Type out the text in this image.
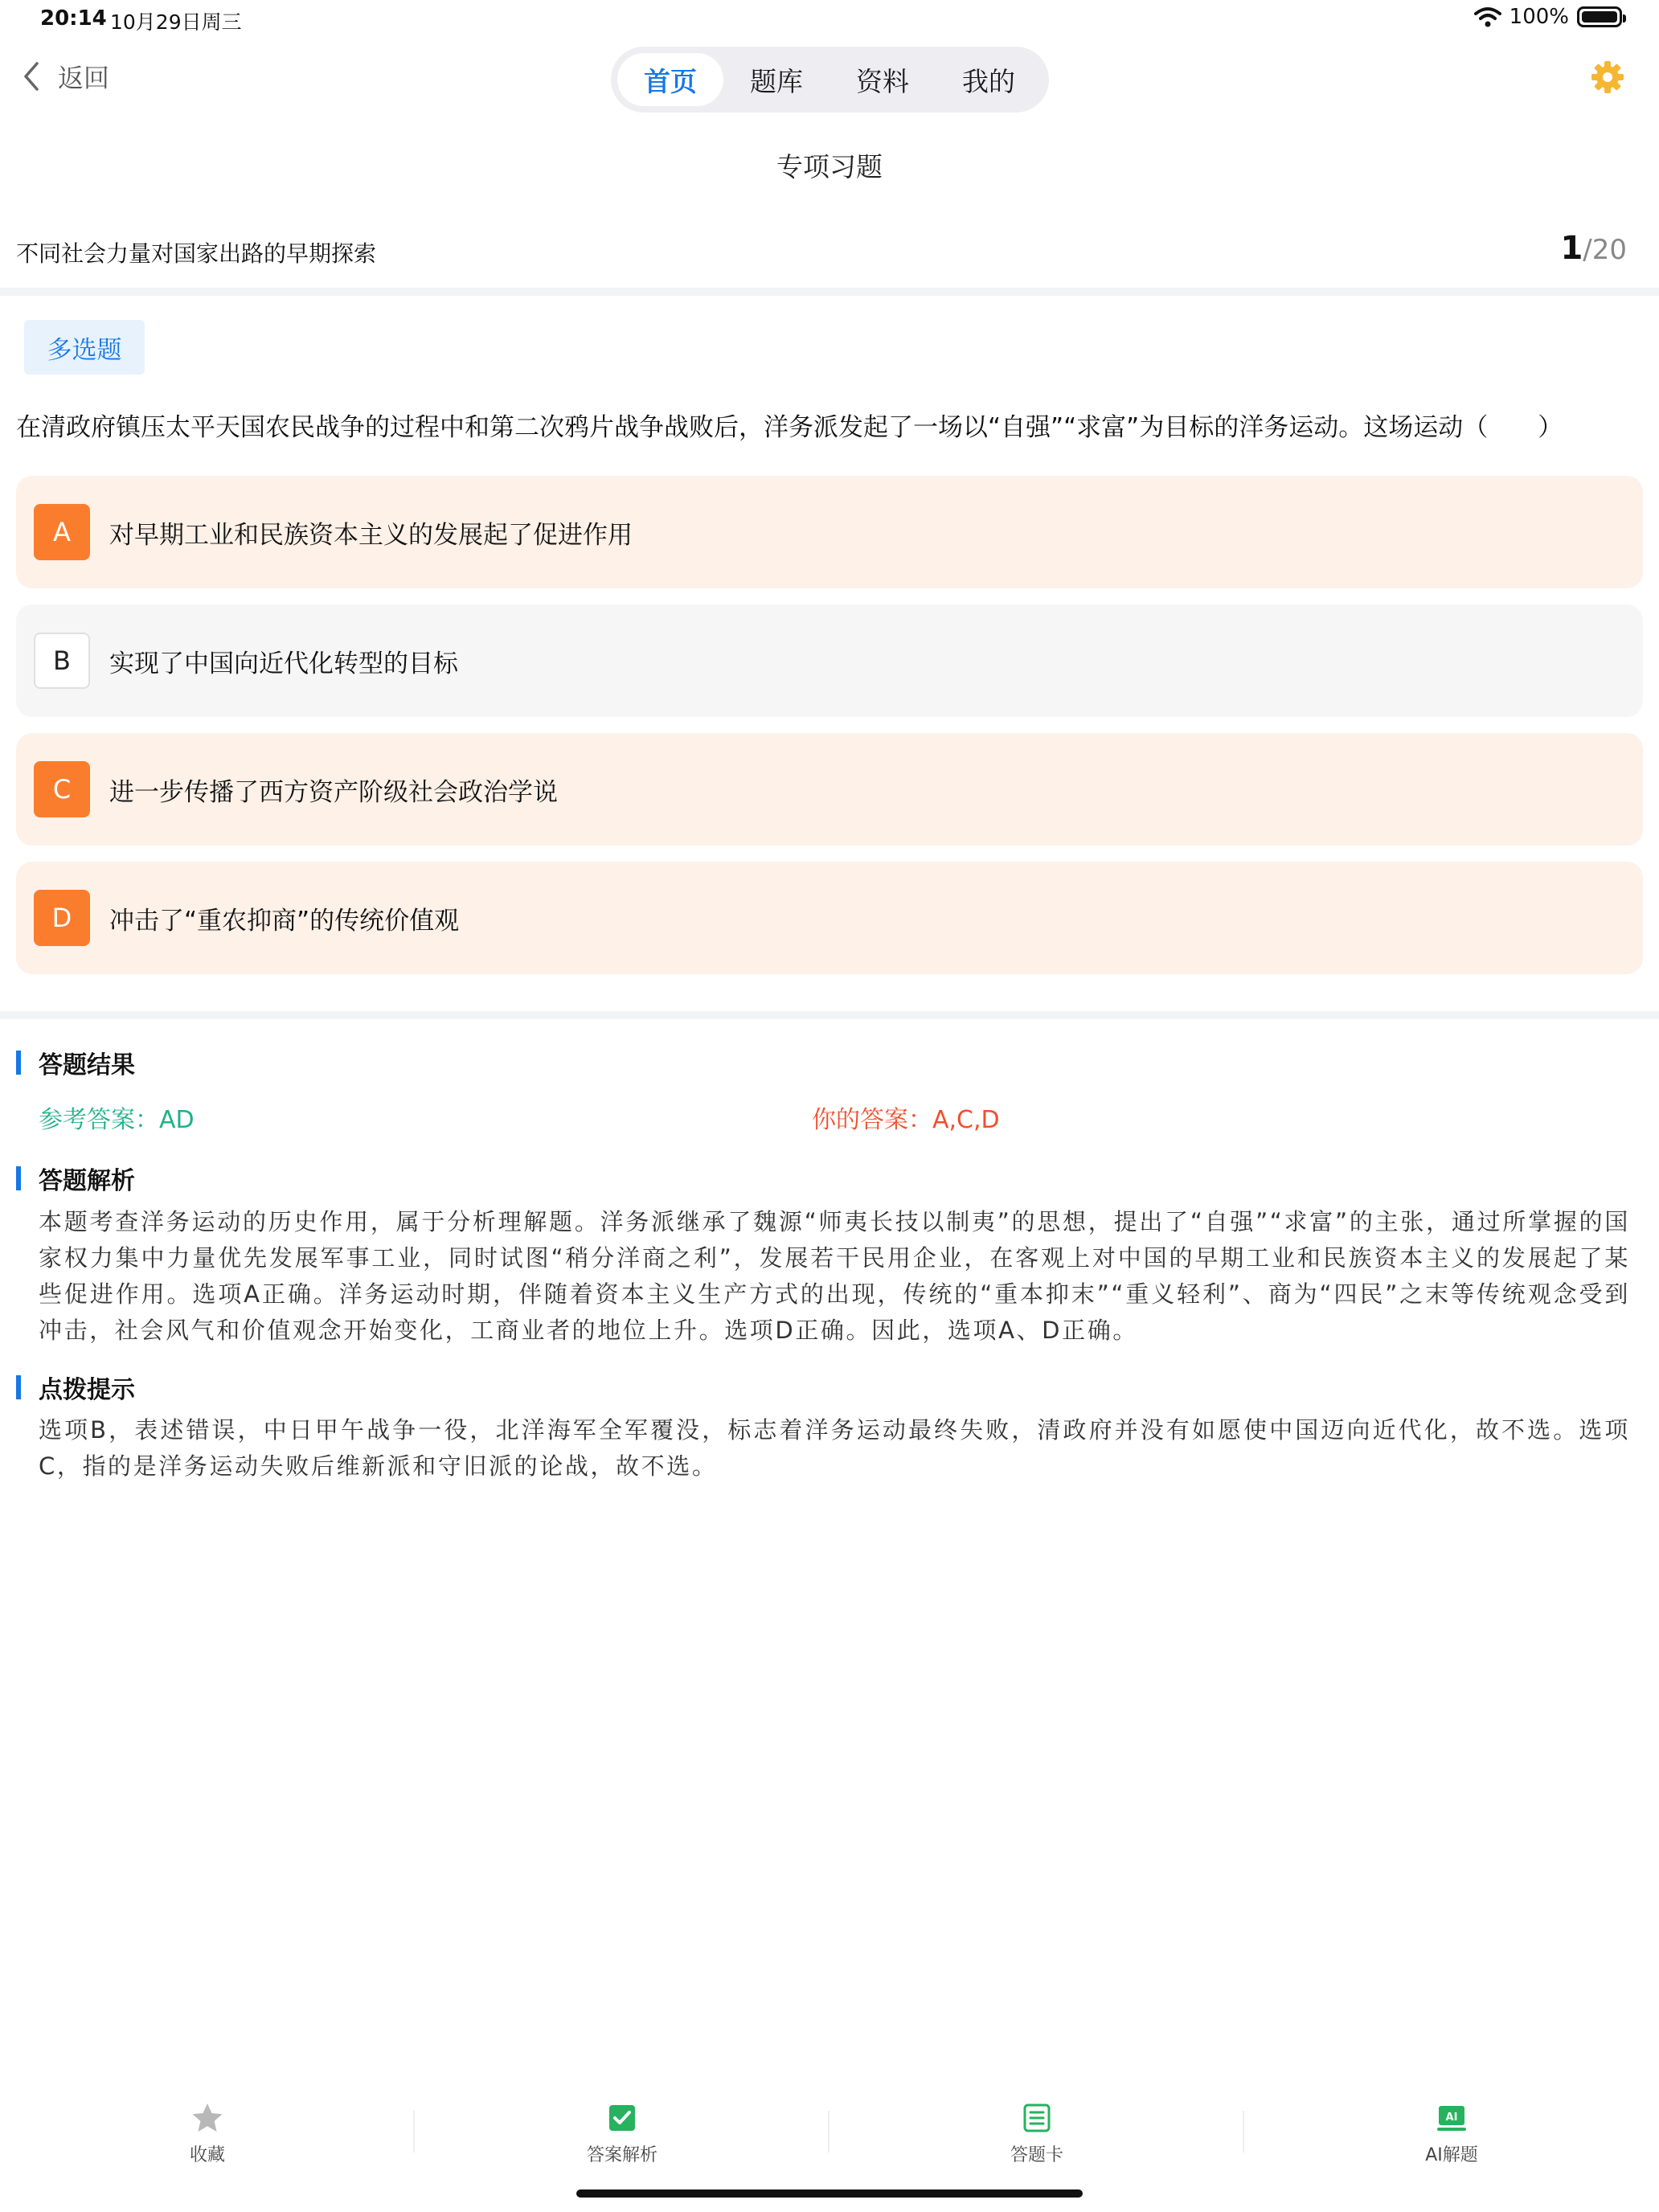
20:14 10月29日周三	100%
返回	首页	题库	资料	我的
专项习题
不同社会力量对国家出路的早期探索	1/20
多选题
在清政府镇压太平天国农民战争的过程中和第二次鸦片战争战败后，洋务派发起了一场以“自强”“求富”为目标的洋务运动。这场运动（　　）
A	对早期工业和民族资本主义的发展起了促进作用
B	实现了中国向近代化转型的目标
C	进一步传播了西方资产阶级社会政治学说
D	冲击了“重农抑商”的传统价值观
答题结果
参考答案：AD	你的答案：A,C,D
答题解析
本题考查洋务运动的历史作用，属于分析理解题。洋务派继承了魏源“师夷长技以制夷”的思想，提出了“自强”“求富”的主张，通过所掌握的国家权力集中力量优先发展军事工业，同时试图“稍分洋商之利”，发展若干民用企业，在客观上对中国的早期工业和民族资本主义的发展起了某些促进作用。选项A正确。洋务运动时期，伴随着资本主义生产方式的出现，传统的“重本抑末”“重义轻利”、商为“四民”之末等传统观念受到冲击，社会风气和价值观念开始变化，工商业者的地位上升。选项D正确。因此，选项A、D正确。
点拨提示
选项B，表述错误，中日甲午战争一役，北洋海军全军覆没，标志着洋务运动最终失败，清政府并没有如愿使中国迈向近代化，故不选。选项C，指的是洋务运动失败后维新派和守旧派的论战，故不选。
收藏	答案解析	答题卡
AI
AI解题
